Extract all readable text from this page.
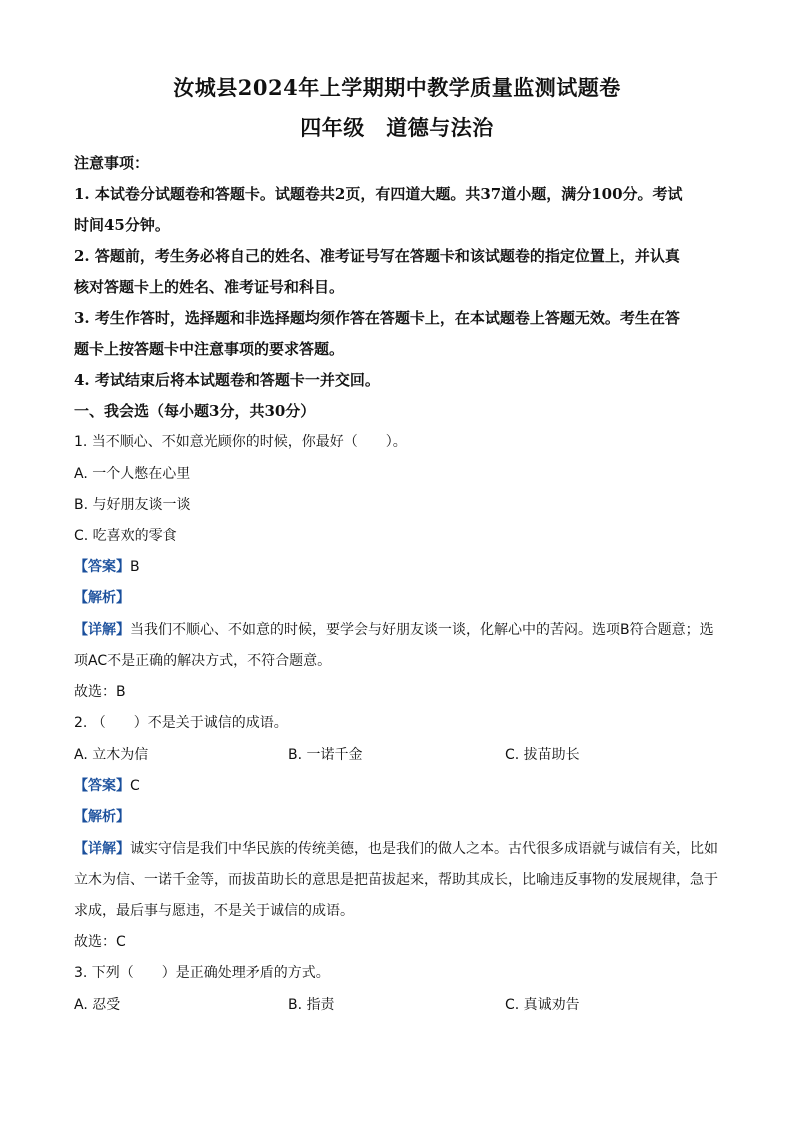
汝城县2024年上学期期中教学质量监测试题卷
四年级　道德与法治
注意事项：
1. 本试卷分试题卷和答题卡。试题卷共2页，有四道大题。共37道小题，满分100分。考试
时间45分钟。
2. 答题前，考生务必将自己的姓名、准考证号写在答题卡和该试题卷的指定位置上，并认真
核对答题卡上的姓名、准考证号和科目。
3. 考生作答时，选择题和非选择题均须作答在答题卡上，在本试题卷上答题无效。考生在答
题卡上按答题卡中注意事项的要求答题。
4. 考试结束后将本试题卷和答题卡一并交回。
一、我会选（每小题3分，共30分）
1. 当不顺心、不如意光顾你的时候，你最好（　　）。
A. 一个人憋在心里
B. 与好朋友谈一谈
C. 吃喜欢的零食
【答案】B
【解析】
【详解】当我们不顺心、不如意的时候，要学会与好朋友谈一谈，化解心中的苦闷。选项B符合题意；选
项AC不是正确的解决方式，不符合题意。
故选：B
2. （　　）不是关于诚信的成语。
A. 立木为信	B. 一诺千金	C. 拔苗助长
【答案】C
【解析】
【详解】诚实守信是我们中华民族的传统美德，也是我们的做人之本。古代很多成语就与诚信有关，比如
立木为信、一诺千金等，而拔苗助长的意思是把苗拔起来，帮助其成长，比喻违反事物的发展规律，急于
求成，最后事与愿违，不是关于诚信的成语。
故选：C
3. 下列（　　）是正确处理矛盾的方式。
A. 忍受	B. 指责	C. 真诚劝告
